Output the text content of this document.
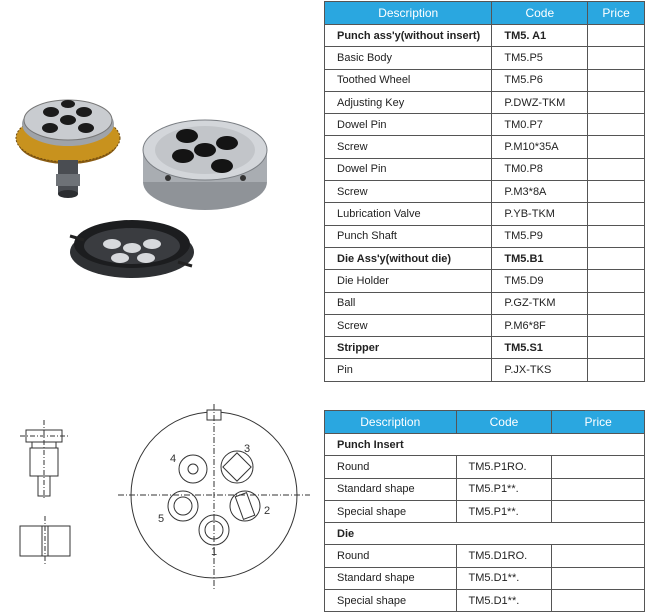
1
2
3
4
5
Description	Code	Price
Punch ass'y(without insert)	TM5. A1	
Basic Body	TM5.P5	
Toothed Wheel	TM5.P6	
Adjusting Key	P.DWZ-TKM	
Dowel Pin	TM0.P7	
Screw	P.M10*35A	
Dowel Pin	TM0.P8	
Screw	P.M3*8A	
Lubrication Valve	P.YB-TKM	
Punch Shaft	TM5.P9	
Die Ass'y(without die)	TM5.B1	
Die Holder	TM5.D9	
Ball	P.GZ-TKM	
Screw	P.M6*8F	
Stripper	TM5.S1	
Pin	P.JX-TKS	
Description	Code	Price
Punch Insert		
Round	TM5.P1RO.	
Standard shape	TM5.P1**.	
Special shape	TM5.P1**.	
Die		
Round	TM5.D1RO.	
Standard shape	TM5.D1**.	
Special shape	TM5.D1**.	
